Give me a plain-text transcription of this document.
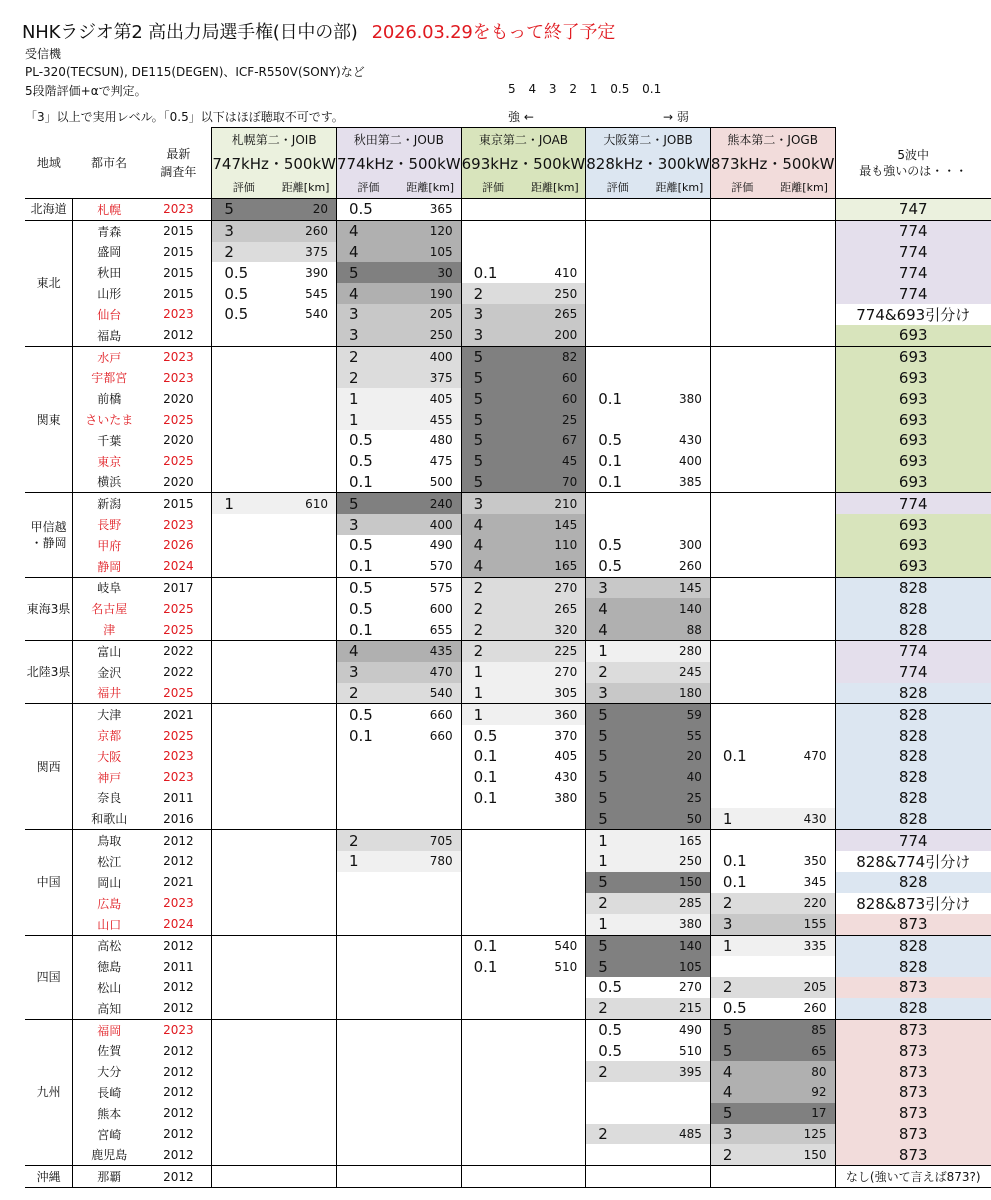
NHKラジオ第2 高出力局選手権(日中の部) 2026.03.29をもって終了予定
受信機
PL-320(TECSUN), DE115(DEGEN)、ICF-R550V(SONY)など
5段階評価+αで判定。
「3」以上で実用レベル。「0.5」以下はほぼ聴取不可です。
5 4 3 2 1 0.5 0.1
強 ←	→ 弱
地域	都市名	最新
調査年	札幌第二・JOIB		秋田第二・JOUB		東京第二・JOAB		大阪第二・JOBB		熊本第二・JOGB		5波中
最も強いのは・・・
			747kHz・500kW		774kHz・500kW		693kHz・500kW		828kHz・300kW		873kHz・500kW		
			評価	距離[km]	評価	距離[km]	評価	距離[km]	評価	距離[km]	評価	距離[km]	
北海道	札幌	2023	5	20	0.5	365							747
東北	青森	2015	3	260	4	120							774
	盛岡	2015	2	375	4	105							774
	秋田	2015	0.5	390	5	30	0.1	410					774
	山形	2015	0.5	545	4	190	2	250					774
	仙台	2023	0.5	540	3	205	3	265					774&693引分け
	福島	2012			3	250	3	200					693
関東	水戸	2023			2	400	5	82					693
	宇都宮	2023			2	375	5	60					693
	前橋	2020			1	405	5	60	0.1	380			693
	さいたま	2025			1	455	5	25					693
	千葉	2020			0.5	480	5	67	0.5	430			693
	東京	2025			0.5	475	5	45	0.1	400			693
	横浜	2020			0.1	500	5	70	0.1	385			693
甲信越
・静岡	新潟	2015	1	610	5	240	3	210					774
	長野	2023			3	400	4	145					693
	甲府	2026			0.5	490	4	110	0.5	300			693
	静岡	2024			0.1	570	4	165	0.5	260			693
東海3県	岐阜	2017			0.5	575	2	270	3	145			828
	名古屋	2025			0.5	600	2	265	4	140			828
	津	2025			0.1	655	2	320	4	88			828
北陸3県	富山	2022			4	435	2	225	1	280			774
	金沢	2022			3	470	1	270	2	245			774
	福井	2025			2	540	1	305	3	180			828
関西	大津	2021			0.5	660	1	360	5	59			828
	京都	2025			0.1	660	0.5	370	5	55			828
	大阪	2023					0.1	405	5	20	0.1	470	828
	神戸	2023					0.1	430	5	40			828
	奈良	2011					0.1	380	5	25			828
	和歌山	2016							5	50	1	430	828
中国	鳥取	2012			2	705			1	165			774
	松江	2012			1	780			1	250	0.1	350	828&774引分け
	岡山	2021							5	150	0.1	345	828
	広島	2023							2	285	2	220	828&873引分け
	山口	2024							1	380	3	155	873
四国	高松	2012					0.1	540	5	140	1	335	828
	徳島	2011					0.1	510	5	105			828
	松山	2012							0.5	270	2	205	873
	高知	2012							2	215	0.5	260	828
九州	福岡	2023							0.5	490	5	85	873
	佐賀	2012							0.5	510	5	65	873
	大分	2012							2	395	4	80	873
	長崎	2012									4	92	873
	熊本	2012									5	17	873
	宮崎	2012							2	485	3	125	873
	鹿児島	2012									2	150	873
沖縄	那覇	2012											なし(強いて言えば873?)
